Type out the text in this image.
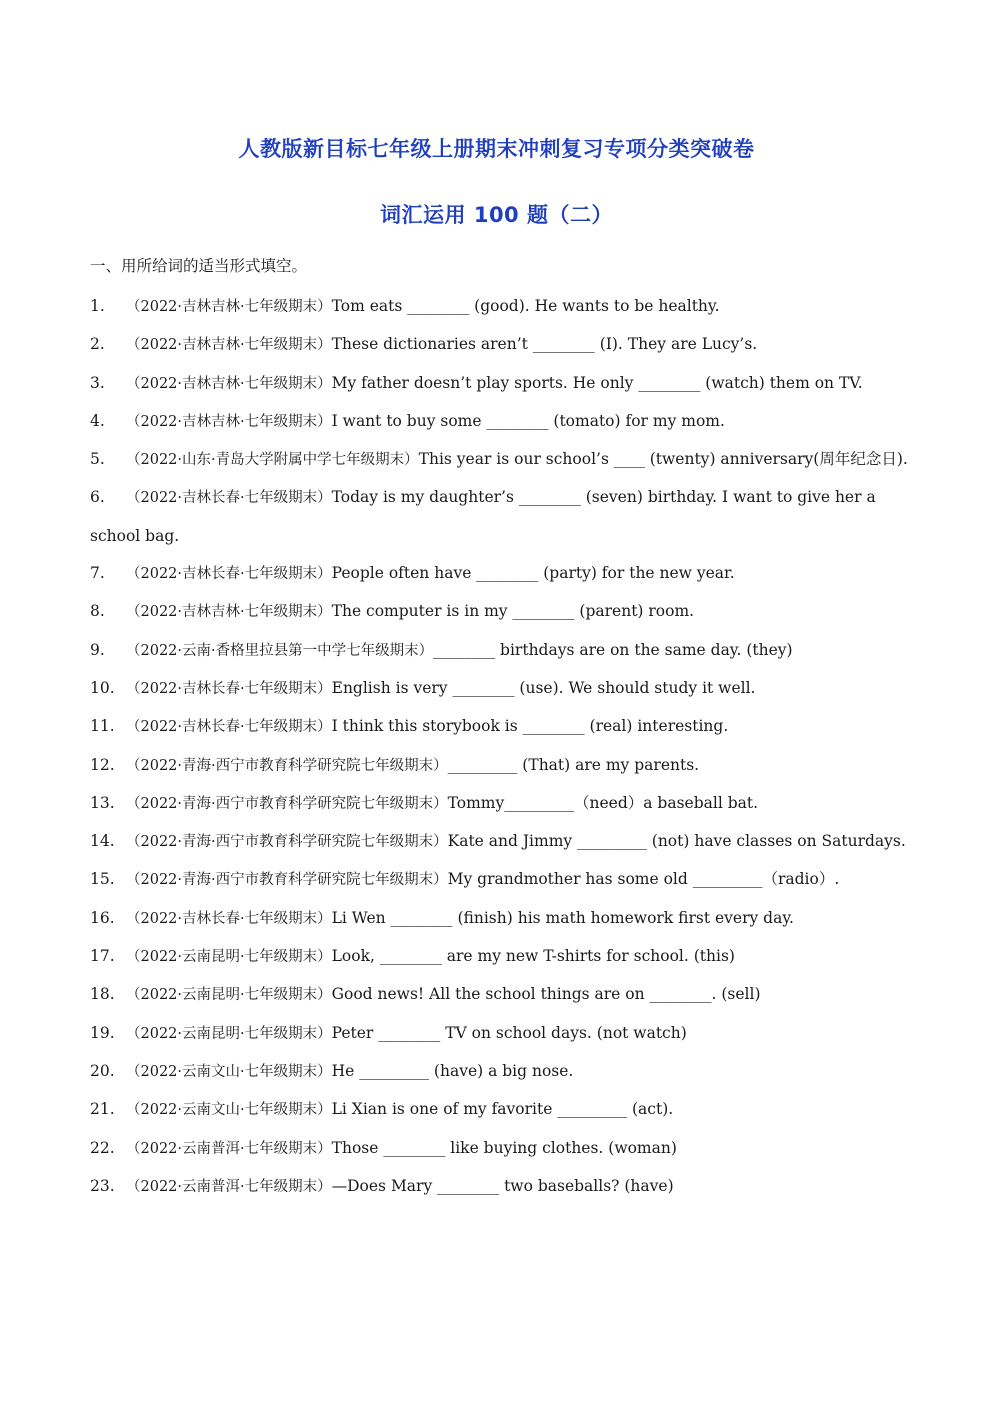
人教版新目标七年级上册期末冲刺复习专项分类突破卷
词汇运用 100 题（二）
一、用所给词的适当形式填空。
1. （2022·吉林吉林·七年级期末）Tom eats ________ (good). He wants to be healthy.
2. （2022·吉林吉林·七年级期末）These dictionaries aren’t ________ (I). They are Lucy’s.
3. （2022·吉林吉林·七年级期末）My father doesn’t play sports. He only ________ (watch) them on TV.
4. （2022·吉林吉林·七年级期末）I want to buy some ________ (tomato) for my mom.
5. （2022·山东·青岛大学附属中学七年级期末）This year is our school’s ____ (twenty) anniversary(周年纪念日).
6. （2022·吉林长春·七年级期末）Today is my daughter’s ________ (seven) birthday. I want to give her a school bag.
7. （2022·吉林长春·七年级期末）People often have ________ (party) for the new year.
8. （2022·吉林吉林·七年级期末）The computer is in my ________ (parent) room.
9. （2022·云南·香格里拉县第一中学七年级期末）________ birthdays are on the same day. (they)
10. （2022·吉林长春·七年级期末）English is very ________ (use). We should study it well.
11. （2022·吉林长春·七年级期末）I think this storybook is ________ (real) interesting.
12. （2022·青海·西宁市教育科学研究院七年级期末）_________ (That) are my parents.
13. （2022·青海·西宁市教育科学研究院七年级期末）Tommy_________（need）a baseball bat.
14. （2022·青海·西宁市教育科学研究院七年级期末）Kate and Jimmy _________ (not) have classes on Saturdays.
15. （2022·青海·西宁市教育科学研究院七年级期末）My grandmother has some old _________（radio）.
16. （2022·吉林长春·七年级期末）Li Wen ________ (finish) his math homework first every day.
17. （2022·云南昆明·七年级期末）Look, ________ are my new T-shirts for school. (this)
18. （2022·云南昆明·七年级期末）Good news! All the school things are on ________. (sell)
19. （2022·云南昆明·七年级期末）Peter ________ TV on school days. (not watch)
20. （2022·云南文山·七年级期末）He _________ (have) a big nose.
21. （2022·云南文山·七年级期末）Li Xian is one of my favorite _________ (act).
22. （2022·云南普洱·七年级期末）Those ________ like buying clothes. (woman)
23. （2022·云南普洱·七年级期末）—Does Mary ________ two baseballs? (have)
